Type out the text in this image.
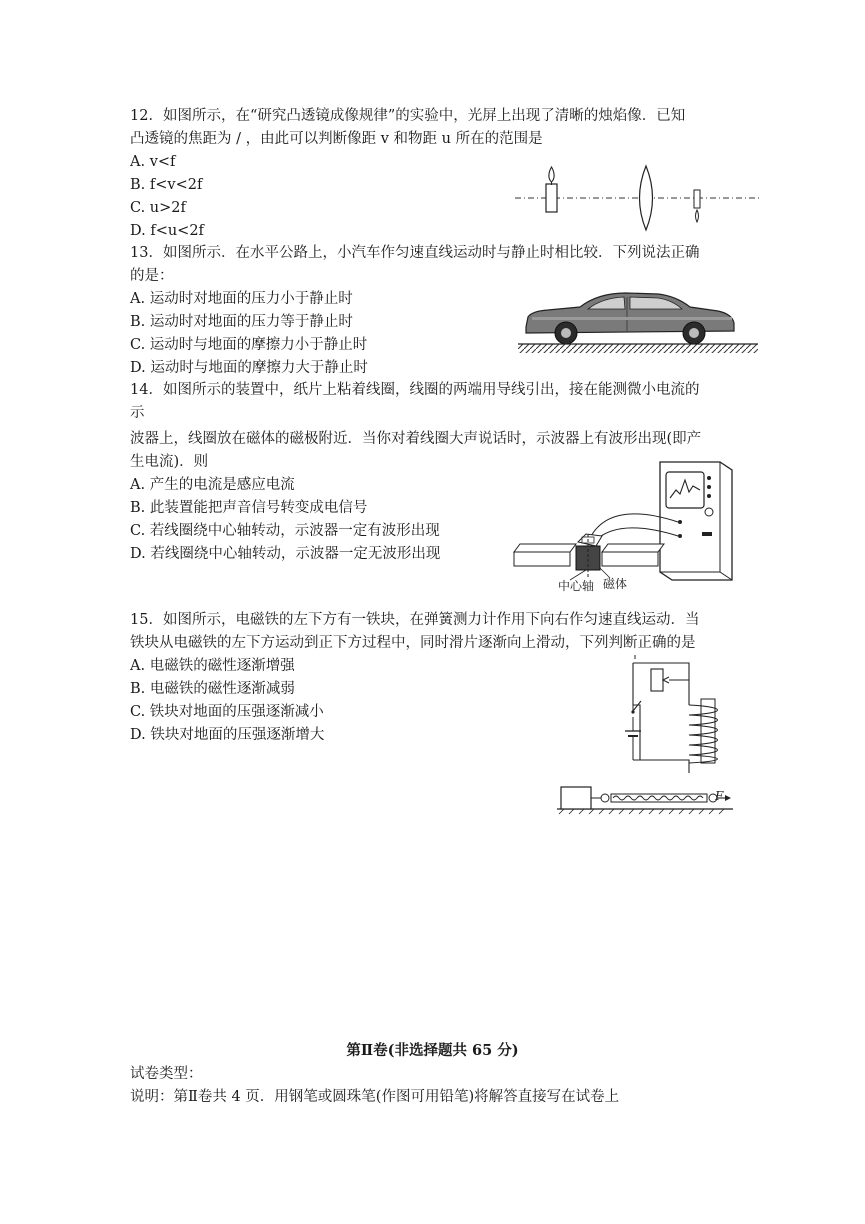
12．如图所示，在“研究凸透镜成像规律”的实验中，光屏上出现了清晰的烛焰像．已知
凸透镜的焦距为 / ，由此可以判断像距 v 和物距 u 所在的范围是
A. v<f
B. f<v<2f
C. u>2f
D. f<u<2f
13．如图所示．在水平公路上，小汽车作匀速直线运动时与静止时相比较．下列说法正确
的是：
A. 运动时对地面的压力小于静止时
B. 运动时对地面的压力等于静止时
C. 运动时与地面的摩擦力小于静止时
D. 运动时与地面的摩擦力大于静止时
14．如图所示的装置中，纸片上粘着线圈，线圈的两端用导线引出，接在能测微小电流的
示
波器上，线圈放在磁体的磁极附近．当你对着线圈大声说话时，示波器上有波形出现(即产
生电流)．则
A. 产生的电流是感应电流
B. 此装置能把声音信号转变成电信号
C. 若线圈绕中心轴转动，示波器一定有波形出现
D. 若线圈绕中心轴转动，示波器一定无波形出现
中心轴 磁体
15．如图所示，电磁铁的左下方有一铁块，在弹簧测力计作用下向右作匀速直线运动．当
铁块从电磁铁的左下方运动到正下方过程中，同时滑片逐渐向上滑动，下列判断正确的是
A. 电磁铁的磁性逐渐增强
B. 电磁铁的磁性逐渐减弱
C. 铁块对地面的压强逐渐减小
D. 铁块对地面的压强逐渐增大
F
第Ⅱ卷(非选择题共 65 分)
试卷类型：
说明：第Ⅱ卷共 4 页．用钢笔或圆珠笔(作图可用铅笔)将解答直接写在试卷上
